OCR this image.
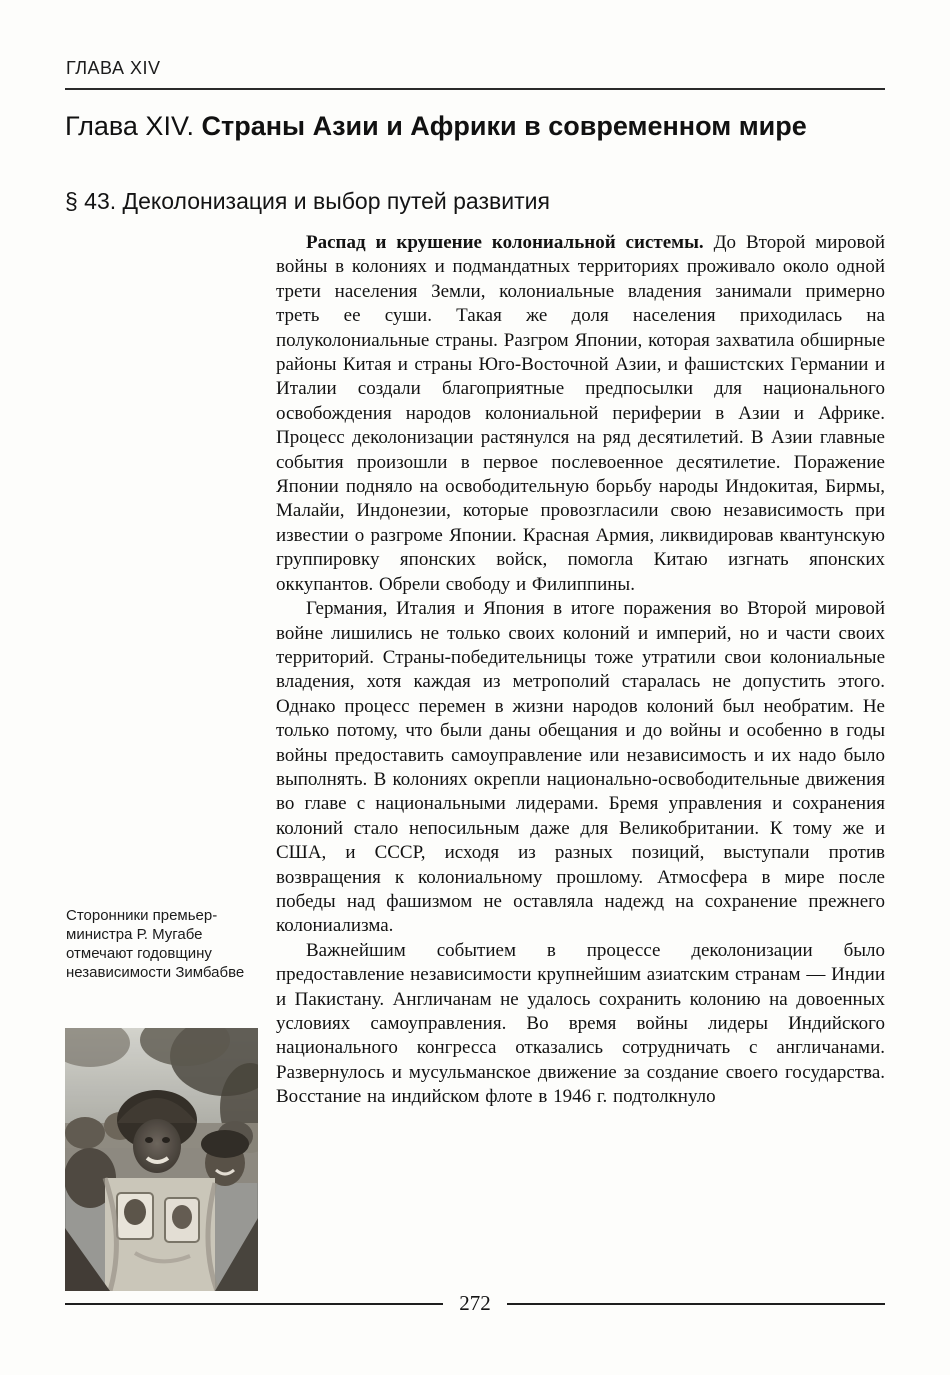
ГЛАВА XIV
Глава XIV. Страны Азии и Африки в современном мире
§ 43. Деколонизация и выбор путей развития

Распад и крушение колониальной системы. До Второй мировой войны в колониях и подмандатных территориях проживало около одной трети населения Земли, колониальные владения занимали примерно треть ее суши. Такая же доля населения приходилась на полуколониальные страны. Разгром Японии, которая захватила обширные районы Китая и страны Юго-Восточной Азии, и фашистских Германии и Италии создали благоприятные предпосылки для национального освобождения народов колониальной периферии в Азии и Африке. Процесс деколонизации растянулся на ряд десятилетий. В Азии главные события произошли в первое послевоенное десятилетие. Поражение Японии подняло на освободительную борьбу народы Индокитая, Бирмы, Малайи, Индонезии, которые провозгласили свою независимость при известии о разгроме Японии. Красная Армия, ликвидировав квантунскую группировку японских войск, помогла Китаю изгнать японских оккупантов. Обрели свободу и Филиппины.

Германия, Италия и Япония в итоге поражения во Второй мировой войне лишились не только своих колоний и империй, но и части своих территорий. Страны-победительницы тоже утратили свои колониальные владения, хотя каждая из метрополий старалась не допустить этого. Однако процесс перемен в жизни народов колоний был необратим. Не только потому, что были даны обещания и до войны и особенно в годы войны предоставить самоуправление или независимость и их надо было выполнять. В колониях окрепли национально-освободительные движения во главе с национальными лидерами. Бремя управления и сохранения колоний стало непосильным даже для Великобритании. К тому же и США, и СССР, исходя из разных позиций, выступали против возвращения к колониальному прошлому. Атмосфера в мире после победы над фашизмом не оставляла надежд на сохранение прежнего колониализма.

Важнейшим событием в процессе деколонизации было предоставление независимости крупнейшим азиатским странам — Индии и Пакистану. Англичанам не удалось сохранить колонию на довоенных условиях самоуправления. Во время войны лидеры Индийского национального конгресса отказались сотрудничать с англичанами. Развернулось и мусульманское движение за создание своего государства. Восстание на индийском флоте в 1946 г. подтолкнуло

Сторонники премьер-министра Р. Мугабе отмечают годовщину независимости Зимбабве
272
